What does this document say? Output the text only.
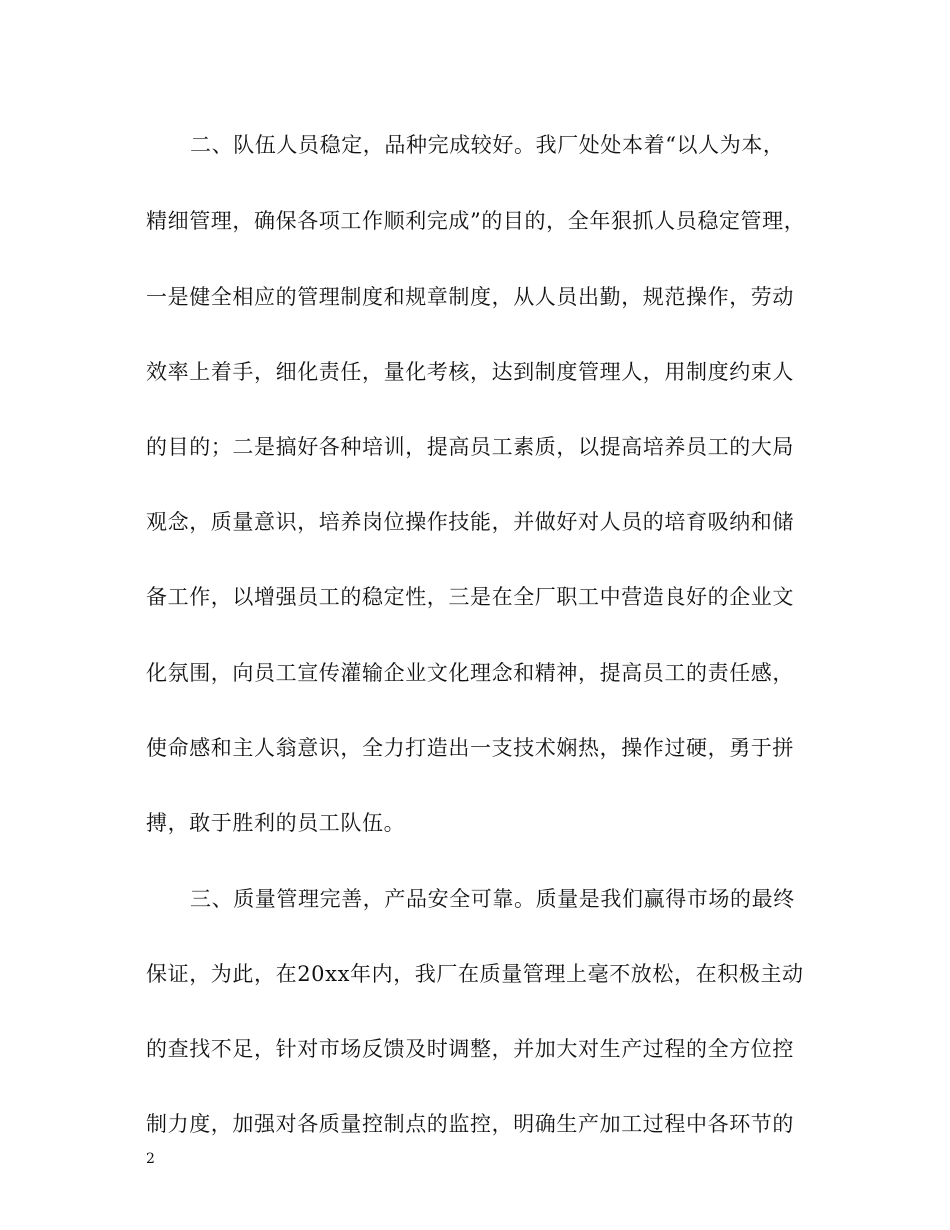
二、队伍人员稳定，品种完成较好。我厂处处本着“以人为本，
精细管理，确保各项工作顺利完成”的目的，全年狠抓人员稳定管理，
一是健全相应的管理制度和规章制度，从人员出勤，规范操作，劳动
效率上着手，细化责任，量化考核，达到制度管理人，用制度约束人
的目的；二是搞好各种培训，提高员工素质，以提高培养员工的大局
观念，质量意识，培养岗位操作技能，并做好对人员的培育吸纳和储
备工作，以增强员工的稳定性，三是在全厂职工中营造良好的企业文
化氛围，向员工宣传灌输企业文化理念和精神，提高员工的责任感，
使命感和主人翁意识，全力打造出一支技术娴热，操作过硬，勇于拼
搏，敢于胜利的员工队伍。
三、质量管理完善，产品安全可靠。质量是我们赢得市场的最终
保证，为此，在20xx年内，我厂在质量管理上毫不放松，在积极主动
的查找不足，针对市场反馈及时调整，并加大对生产过程的全方位控
制力度，加强对各质量控制点的监控，明确生产加工过程中各环节的
2
